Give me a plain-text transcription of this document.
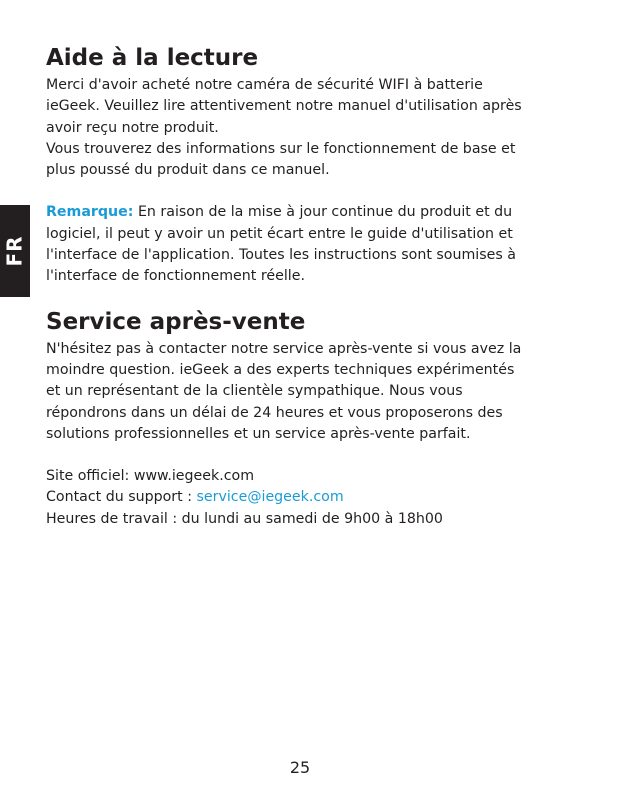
FR
Aide à la lecture

Merci d'avoir acheté notre caméra de sécurité WIFI à batterie
ieGeek. Veuillez lire attentivement notre manuel d'utilisation après
avoir reçu notre produit.
Vous trouverez des informations sur le fonctionnement de base et
plus poussé du produit dans ce manuel.

Remarque: En raison de la mise à jour continue du produit et du
logiciel, il peut y avoir un petit écart entre le guide d'utilisation et
l'interface de l'application. Toutes les instructions sont soumises à
l'interface de fonctionnement réelle.

Service après-vente

N'hésitez pas à contacter notre service après-vente si vous avez la
moindre question. ieGeek a des experts techniques expérimentés
et un représentant de la clientèle sympathique. Nous vous
répondrons dans un délai de 24 heures et vous proposerons des
solutions professionnelles et un service après-vente parfait.

Site officiel: www.iegeek.com
Contact du support : service@iegeek.com
Heures de travail : du lundi au samedi de 9h00 à 18h00

25
